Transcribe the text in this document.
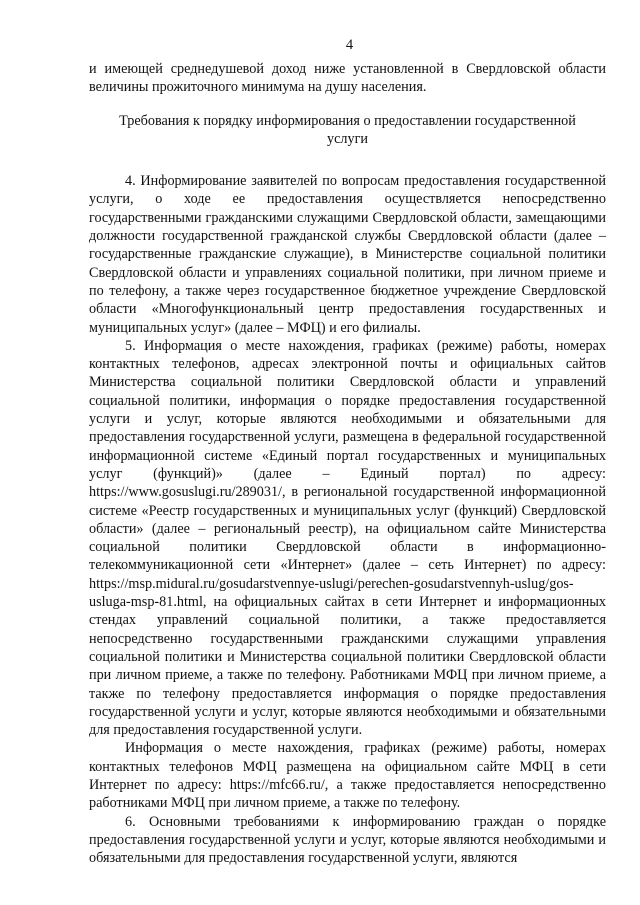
4

и имеющей среднедушевой доход ниже установленной в Свердловской области величины прожиточного минимума на душу населения.

Требования к порядку информирования о предоставлении государственной услуги

4. Информирование заявителей по вопросам предоставления государственной услуги, о ходе ее предоставления осуществляется непосредственно государственными гражданскими служащими Свердловской области, замещающими должности государственной гражданской службы Свердловской области (далее – государственные гражданские служащие), в Министерстве социальной политики Свердловской области и управлениях социальной политики, при личном приеме и по телефону, а также через государственное бюджетное учреждение Свердловской области «Многофункциональный центр предоставления государственных и муниципальных услуг» (далее – МФЦ) и его филиалы.

5. Информация о месте нахождения, графиках (режиме) работы, номерах контактных телефонов, адресах электронной почты и официальных сайтов Министерства социальной политики Свердловской области и управлений социальной политики, информация о порядке предоставления государственной услуги и услуг, которые являются необходимыми и обязательными для предоставления государственной услуги, размещена в федеральной государственной информационной системе «Единый портал государственных и муниципальных услуг (функций)» (далее – Единый портал) по адресу: https://www.gosuslugi.ru/289031/, в региональной государственной информационной системе «Реестр государственных и муниципальных услуг (функций) Свердловской области» (далее – региональный реестр), на официальном сайте Министерства социальной политики Свердловской области в информационно-телекоммуникационной сети «Интернет» (далее – сеть Интернет) по адресу: https://msp.midural.ru/gosudarstvennye-uslugi/perechen-gosudarstvennyh-uslug/gos-usluga-msp-81.html, на официальных сайтах в сети Интернет и информационных стендах управлений социальной политики, а также предоставляется непосредственно государственными гражданскими служащими управления социальной политики и Министерства социальной политики Свердловской области при личном приеме, а также по телефону. Работниками МФЦ при личном приеме, а также по телефону предоставляется информация о порядке предоставления государственной услуги и услуг, которые являются необходимыми и обязательными для предоставления государственной услуги.

Информация о месте нахождения, графиках (режиме) работы, номерах контактных телефонов МФЦ размещена на официальном сайте МФЦ в сети Интернет по адресу: https://mfc66.ru/, а также предоставляется непосредственно работниками МФЦ при личном приеме, а также по телефону.

6. Основными требованиями к информированию граждан о порядке предоставления государственной услуги и услуг, которые являются необходимыми и обязательными для предоставления государственной услуги, являются
